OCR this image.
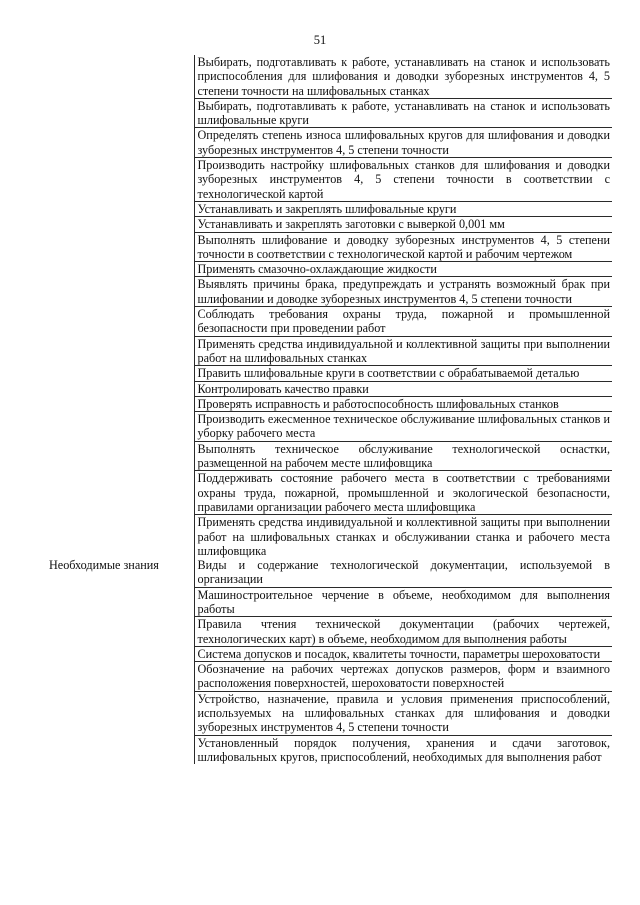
51
	Выбирать, подготавливать к работе, устанавливать на станок и использовать приспособления для шлифования и доводки зуборезных инструментов 4, 5 степени точности на шлифовальных станках
	Выбирать, подготавливать к работе, устанавливать на станок и использовать шлифовальные круги
	Определять степень износа шлифовальных кругов для шлифования и доводки зуборезных инструментов 4, 5 степени точности
	Производить настройку шлифовальных станков для шлифования и доводки зуборезных инструментов 4, 5 степени точности в соответствии с технологической картой
	Устанавливать и закреплять шлифовальные круги
	Устанавливать и закреплять заготовки с выверкой 0,001 мм
	Выполнять шлифование и доводку зуборезных инструментов 4, 5 степени точности в соответствии с технологической картой и рабочим чертежом
	Применять смазочно-охлаждающие жидкости
	Выявлять причины брака, предупреждать и устранять возможный брак при шлифовании и доводке зуборезных инструментов 4, 5 степени точности
	Соблюдать требования охраны труда, пожарной и промышленной безопасности при проведении работ
	Применять средства индивидуальной и коллективной защиты при выполнении работ на шлифовальных станках
	Править шлифовальные круги в соответствии с обрабатываемой деталью
	Контролировать качество правки
	Проверять исправность и работоспособность шлифовальных станков
	Производить ежесменное техническое обслуживание шлифовальных станков и уборку рабочего места
	Выполнять техническое обслуживание технологической оснастки, размещенной на рабочем месте шлифовщика
	Поддерживать состояние рабочего места в соответствии с требованиями охраны труда, пожарной, промышленной и экологической безопасности, правилами организации рабочего места шлифовщика
	Применять средства индивидуальной и коллективной защиты при выполнении работ на шлифовальных станках и обслуживании станка и рабочего места шлифовщика
Необходимые знания	Виды и содержание технологической документации, используемой в организации
	Машиностроительное черчение в объеме, необходимом для выполнения работы
	Правила чтения технической документации (рабочих чертежей, технологических карт) в объеме, необходимом для выполнения работы
	Система допусков и посадок, квалитеты точности, параметры шероховатости
	Обозначение на рабочих чертежах допусков размеров, форм и взаимного расположения поверхностей, шероховатости поверхностей
	Устройство, назначение, правила и условия применения приспособлений, используемых на шлифовальных станках для шлифования и доводки зуборезных инструментов 4, 5 степени точности
	Установленный порядок получения, хранения и сдачи заготовок, шлифовальных кругов, приспособлений, необходимых для выполнения работ
